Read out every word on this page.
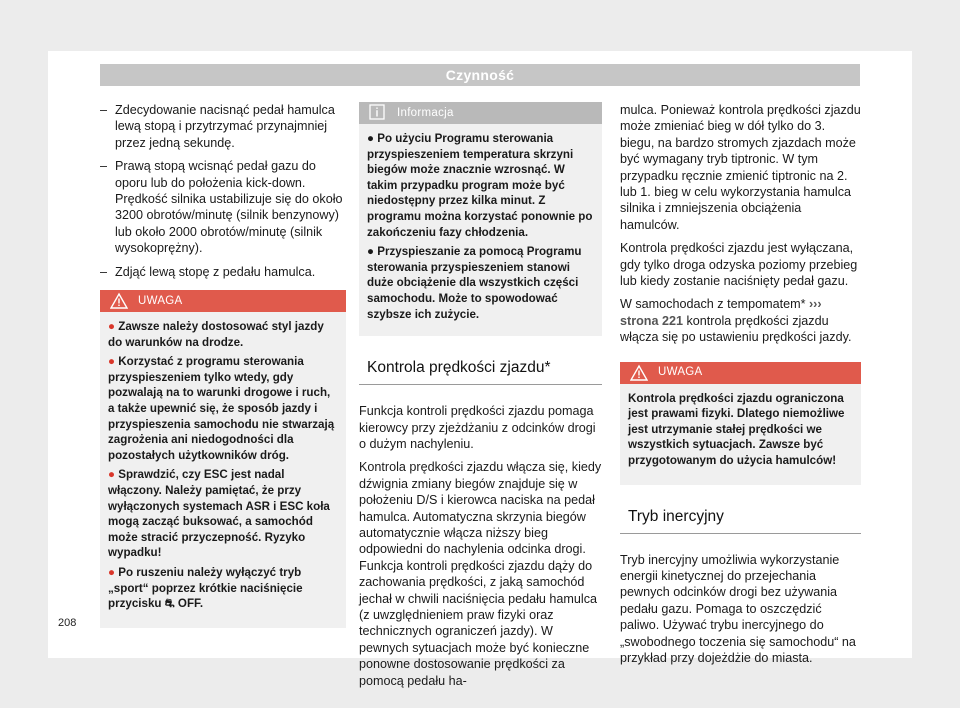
Czynność
– Zdecydowanie nacisnąć pedał hamulca lewą stopą i przytrzymać przynajmniej przez jedną sekundę.
– Prawą stopą wcisnąć pedał gazu do oporu lub do położenia kick-down. Prędkość silnika ustabilizuje się do około 3200 obrotów/minutę (silnik benzynowy) lub około 2000 obrotów/minutę (silnik wysokoprężny).
– Zdjąć lewą stopę z pedału hamulca.
UWAGA

● Zawsze należy dostosować styl jazdy do warunków na drodze.

● Korzystać z programu sterowania przyspieszeniem tylko wtedy, gdy pozwalają na to warunki drogowe i ruch, a także upewnić się, że sposób jazdy i przyspieszenia samochodu nie stwarzają zagrożenia ani niedogodności dla pozostałych użytkowników dróg.

● Sprawdzić, czy ESC jest nadal włączony. Należy pamiętać, że przy wyłączonych systemach ASR i ESC koła mogą zacząć buksować, a samochód może stracić przyczepność. Ryzyko wypadku!

● Po ruszeniu należy wyłączyć tryb „sport“ poprzez krótkie naciśnięcie przycisku ⛐ OFF.

Informacja

● Po użyciu Programu sterowania przyspieszeniem temperatura skrzyni biegów może znacznie wzrosnąć. W takim przypadku program może być niedostępny przez kilka minut. Z programu można korzystać ponownie po zakończeniu fazy chłodzenia.

● Przyspieszanie za pomocą Programu sterowania przyspieszeniem stanowi duże obciążenie dla wszystkich części samochodu. Może to spowodować szybsze ich zużycie.

Kontrola prędkości zjazdu*

Funkcja kontroli prędkości zjazdu pomaga kierowcy przy zjeżdżaniu z odcinków drogi o dużym nachyleniu.

Kontrola prędkości zjazdu włącza się, kiedy dźwignia zmiany biegów znajduje się w położeniu D/S i kierowca naciska na pedał hamulca. Automatyczna skrzynia biegów automatycznie włącza niższy bieg odpowiedni do nachylenia odcinka drogi. Funkcja kontroli prędkości zjazdu dąży do zachowania prędkości, z jaką samochód jechał w chwili naciśnięcia pedału hamulca (z uwzględnieniem praw fizyki oraz technicznych ograniczeń jazdy). W pewnych sytuacjach może być konieczne ponowne dostosowanie prędkości za pomocą pedału ha-

mulca. Ponieważ kontrola prędkości zjazdu może zmieniać bieg w dół tylko do 3. biegu, na bardzo stromych zjazdach może być wymagany tryb tiptronic. W tym przypadku ręcznie zmienić tiptronic na 2. lub 1. bieg w celu wykorzystania hamulca silnika i zmniejszenia obciążenia hamulców.

Kontrola prędkości zjazdu jest wyłączana, gdy tylko droga odzyska poziomy przebieg lub kiedy zostanie naciśnięty pedał gazu.

W samochodach z tempomatem* ››› strona 221 kontrola prędkości zjazdu włącza się po ustawieniu prędkości jazdy.

UWAGA

Kontrola prędkości zjazdu ograniczona jest prawami fizyki. Dlatego niemożliwe jest utrzymanie stałej prędkości we wszystkich sytuacjach. Zawsze być przygotowanym do użycia hamulców!

Tryb inercyjny

Tryb inercyjny umożliwia wykorzystanie energii kinetycznej do przejechania pewnych odcinków drogi bez używania pedału gazu. Pomaga to oszczędzić paliwo. Używać trybu inercyjnego do „swobodnego toczenia się samochodu“ na przykład przy dojeżdżie do miasta.

208
